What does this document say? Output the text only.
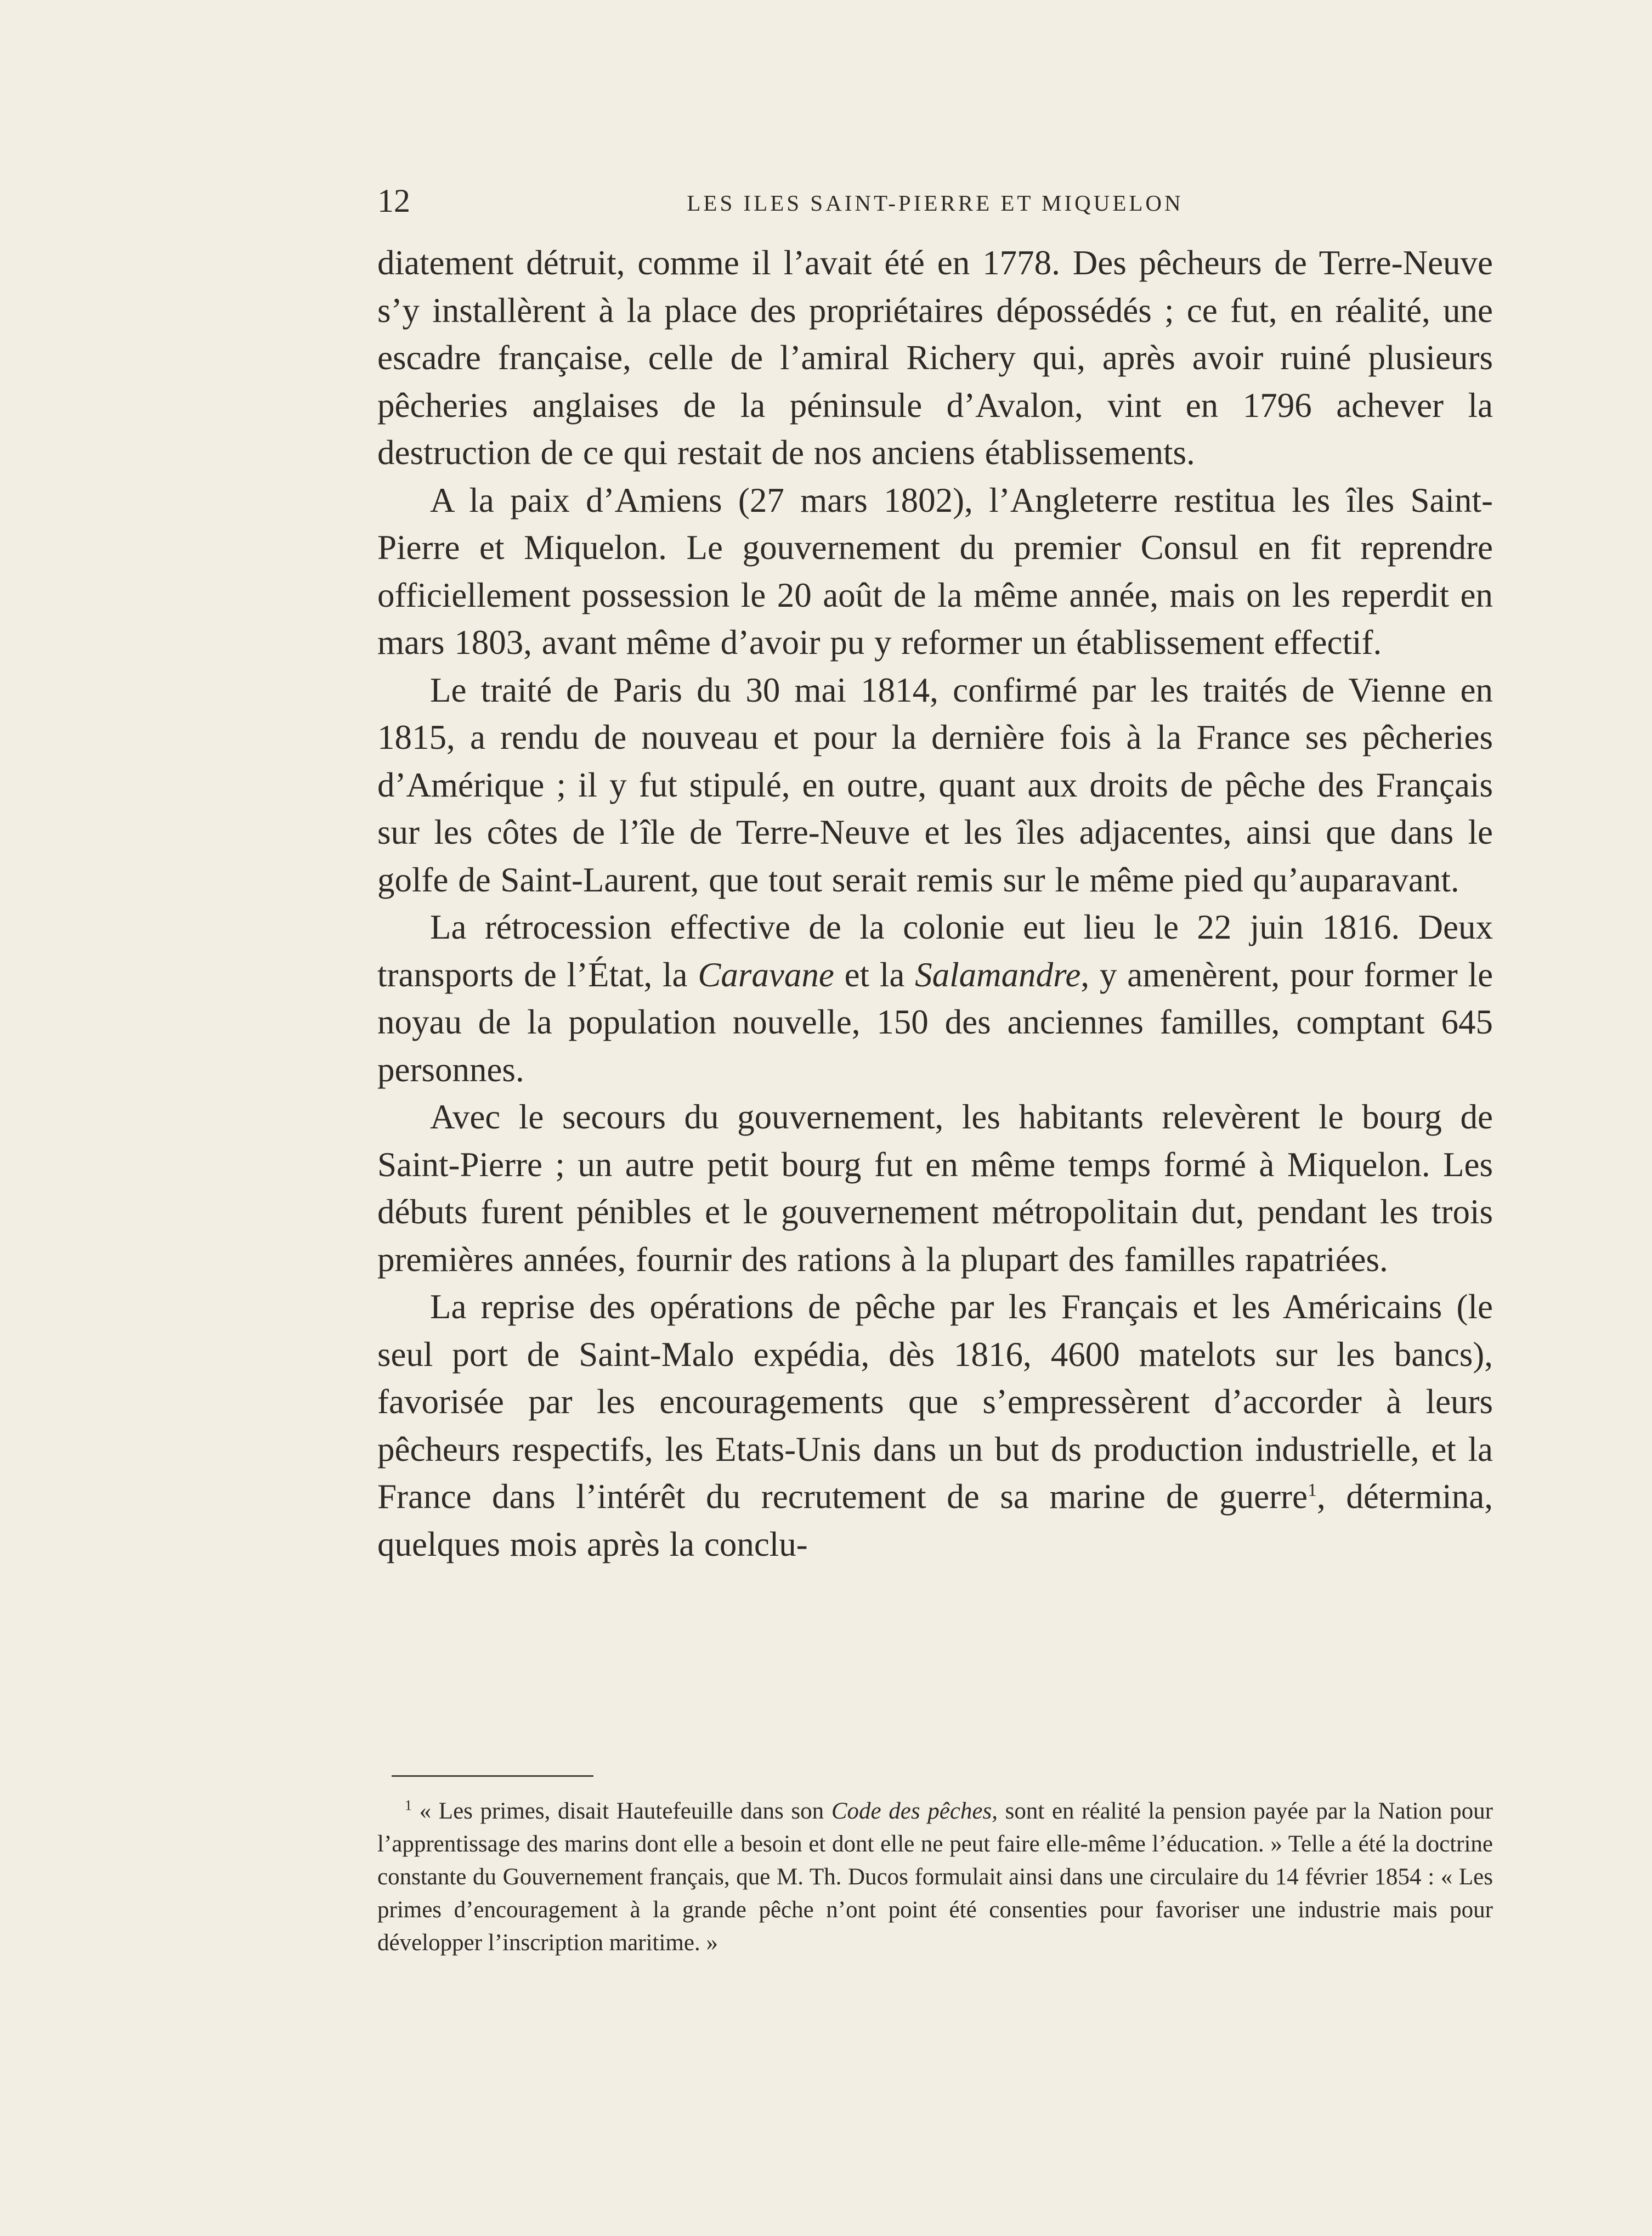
12	LES ILES SAINT-PIERRE ET MIQUELON

diatement détruit, comme il l’avait été en 1778. Des pêcheurs de Terre-Neuve s’y installèrent à la place des propriétaires dépossédés ; ce fut, en réalité, une escadre française, celle de l’amiral Richery qui, après avoir ruiné plusieurs pêcheries anglaises de la péninsule d’Avalon, vint en 1796 achever la destruction de ce qui restait de nos anciens établissements.

A la paix d’Amiens (27 mars 1802), l’Angleterre restitua les îles Saint-Pierre et Miquelon. Le gouvernement du premier Consul en fit reprendre officiellement possession le 20 août de la même année, mais on les reperdit en mars 1803, avant même d’avoir pu y reformer un établissement effectif.

Le traité de Paris du 30 mai 1814, confirmé par les traités de Vienne en 1815, a rendu de nouveau et pour la dernière fois à la France ses pêcheries d’Amérique ; il y fut stipulé, en outre, quant aux droits de pêche des Français sur les côtes de l’île de Terre-Neuve et les îles adjacentes, ainsi que dans le golfe de Saint-Laurent, que tout serait remis sur le même pied qu’auparavant.

La rétrocession effective de la colonie eut lieu le 22 juin 1816. Deux transports de l’État, la Caravane et la Salamandre, y amenèrent, pour former le noyau de la population nouvelle, 150 des anciennes familles, comptant 645 personnes.

Avec le secours du gouvernement, les habitants relevèrent le bourg de Saint-Pierre ; un autre petit bourg fut en même temps formé à Miquelon. Les débuts furent pénibles et le gouvernement métropolitain dut, pendant les trois premières années, fournir des rations à la plupart des familles rapatriées.

La reprise des opérations de pêche par les Français et les Américains (le seul port de Saint-Malo expédia, dès 1816, 4600 matelots sur les bancs), favorisée par les encouragements que s’empressèrent d’accorder à leurs pêcheurs respectifs, les Etats-Unis dans un but ds production industrielle, et la France dans l’intérêt du recrutement de sa marine de guerre$^1$, détermina, quelques mois après la conclu-

$^1$ « Les primes, disait Hautefeuille dans son Code des pêches, sont en réalité la pension payée par la Nation pour l’apprentissage des marins dont elle a besoin et dont elle ne peut faire elle-même l’éducation. » Telle a été la doctrine constante du Gouvernement français, que M. Th. Ducos formulait ainsi dans une circulaire du 14 février 1854 : « Les primes d’encouragement à la grande pêche n’ont point été consenties pour favoriser une industrie mais pour développer l’inscription maritime. »
